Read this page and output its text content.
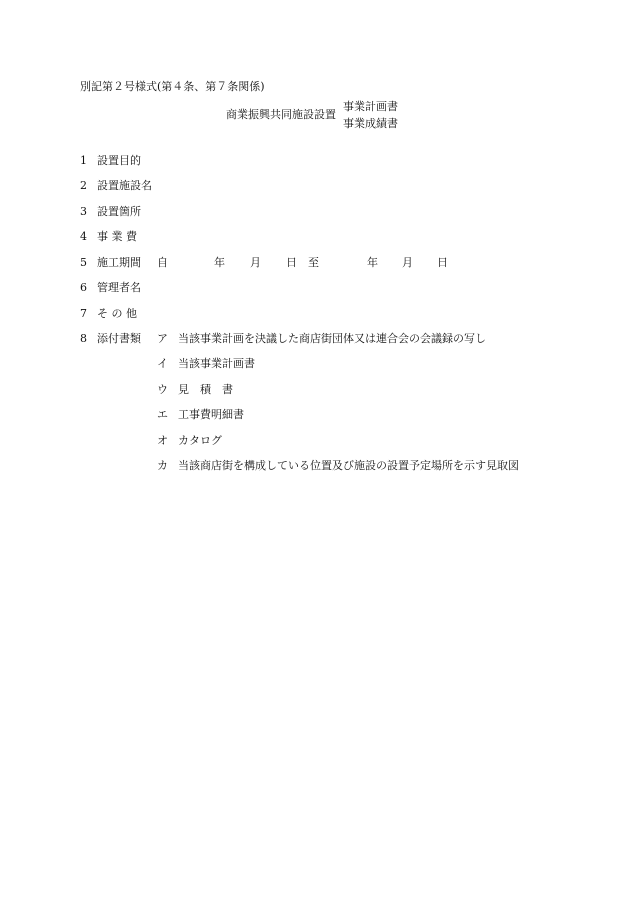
別記第２号様式(第４条、第７条関係)
商業振興共同施設設置
事業計画書
事業成績書
1 設置目的
2 設置施設名
3 設置箇所
4 事 業 費
5 施工期間 自	年 月 日 至	年 月 日
6 管理者名
7 そ の 他
8 添付書類 ア 当該事業計画を決議した商店街団体又は連合会の会議録の写し
イ 当該事業計画書
ウ 見　積　書
エ 工事費明細書
オ カタログ
カ 当該商店街を構成している位置及び施設の設置予定場所を示す見取図
